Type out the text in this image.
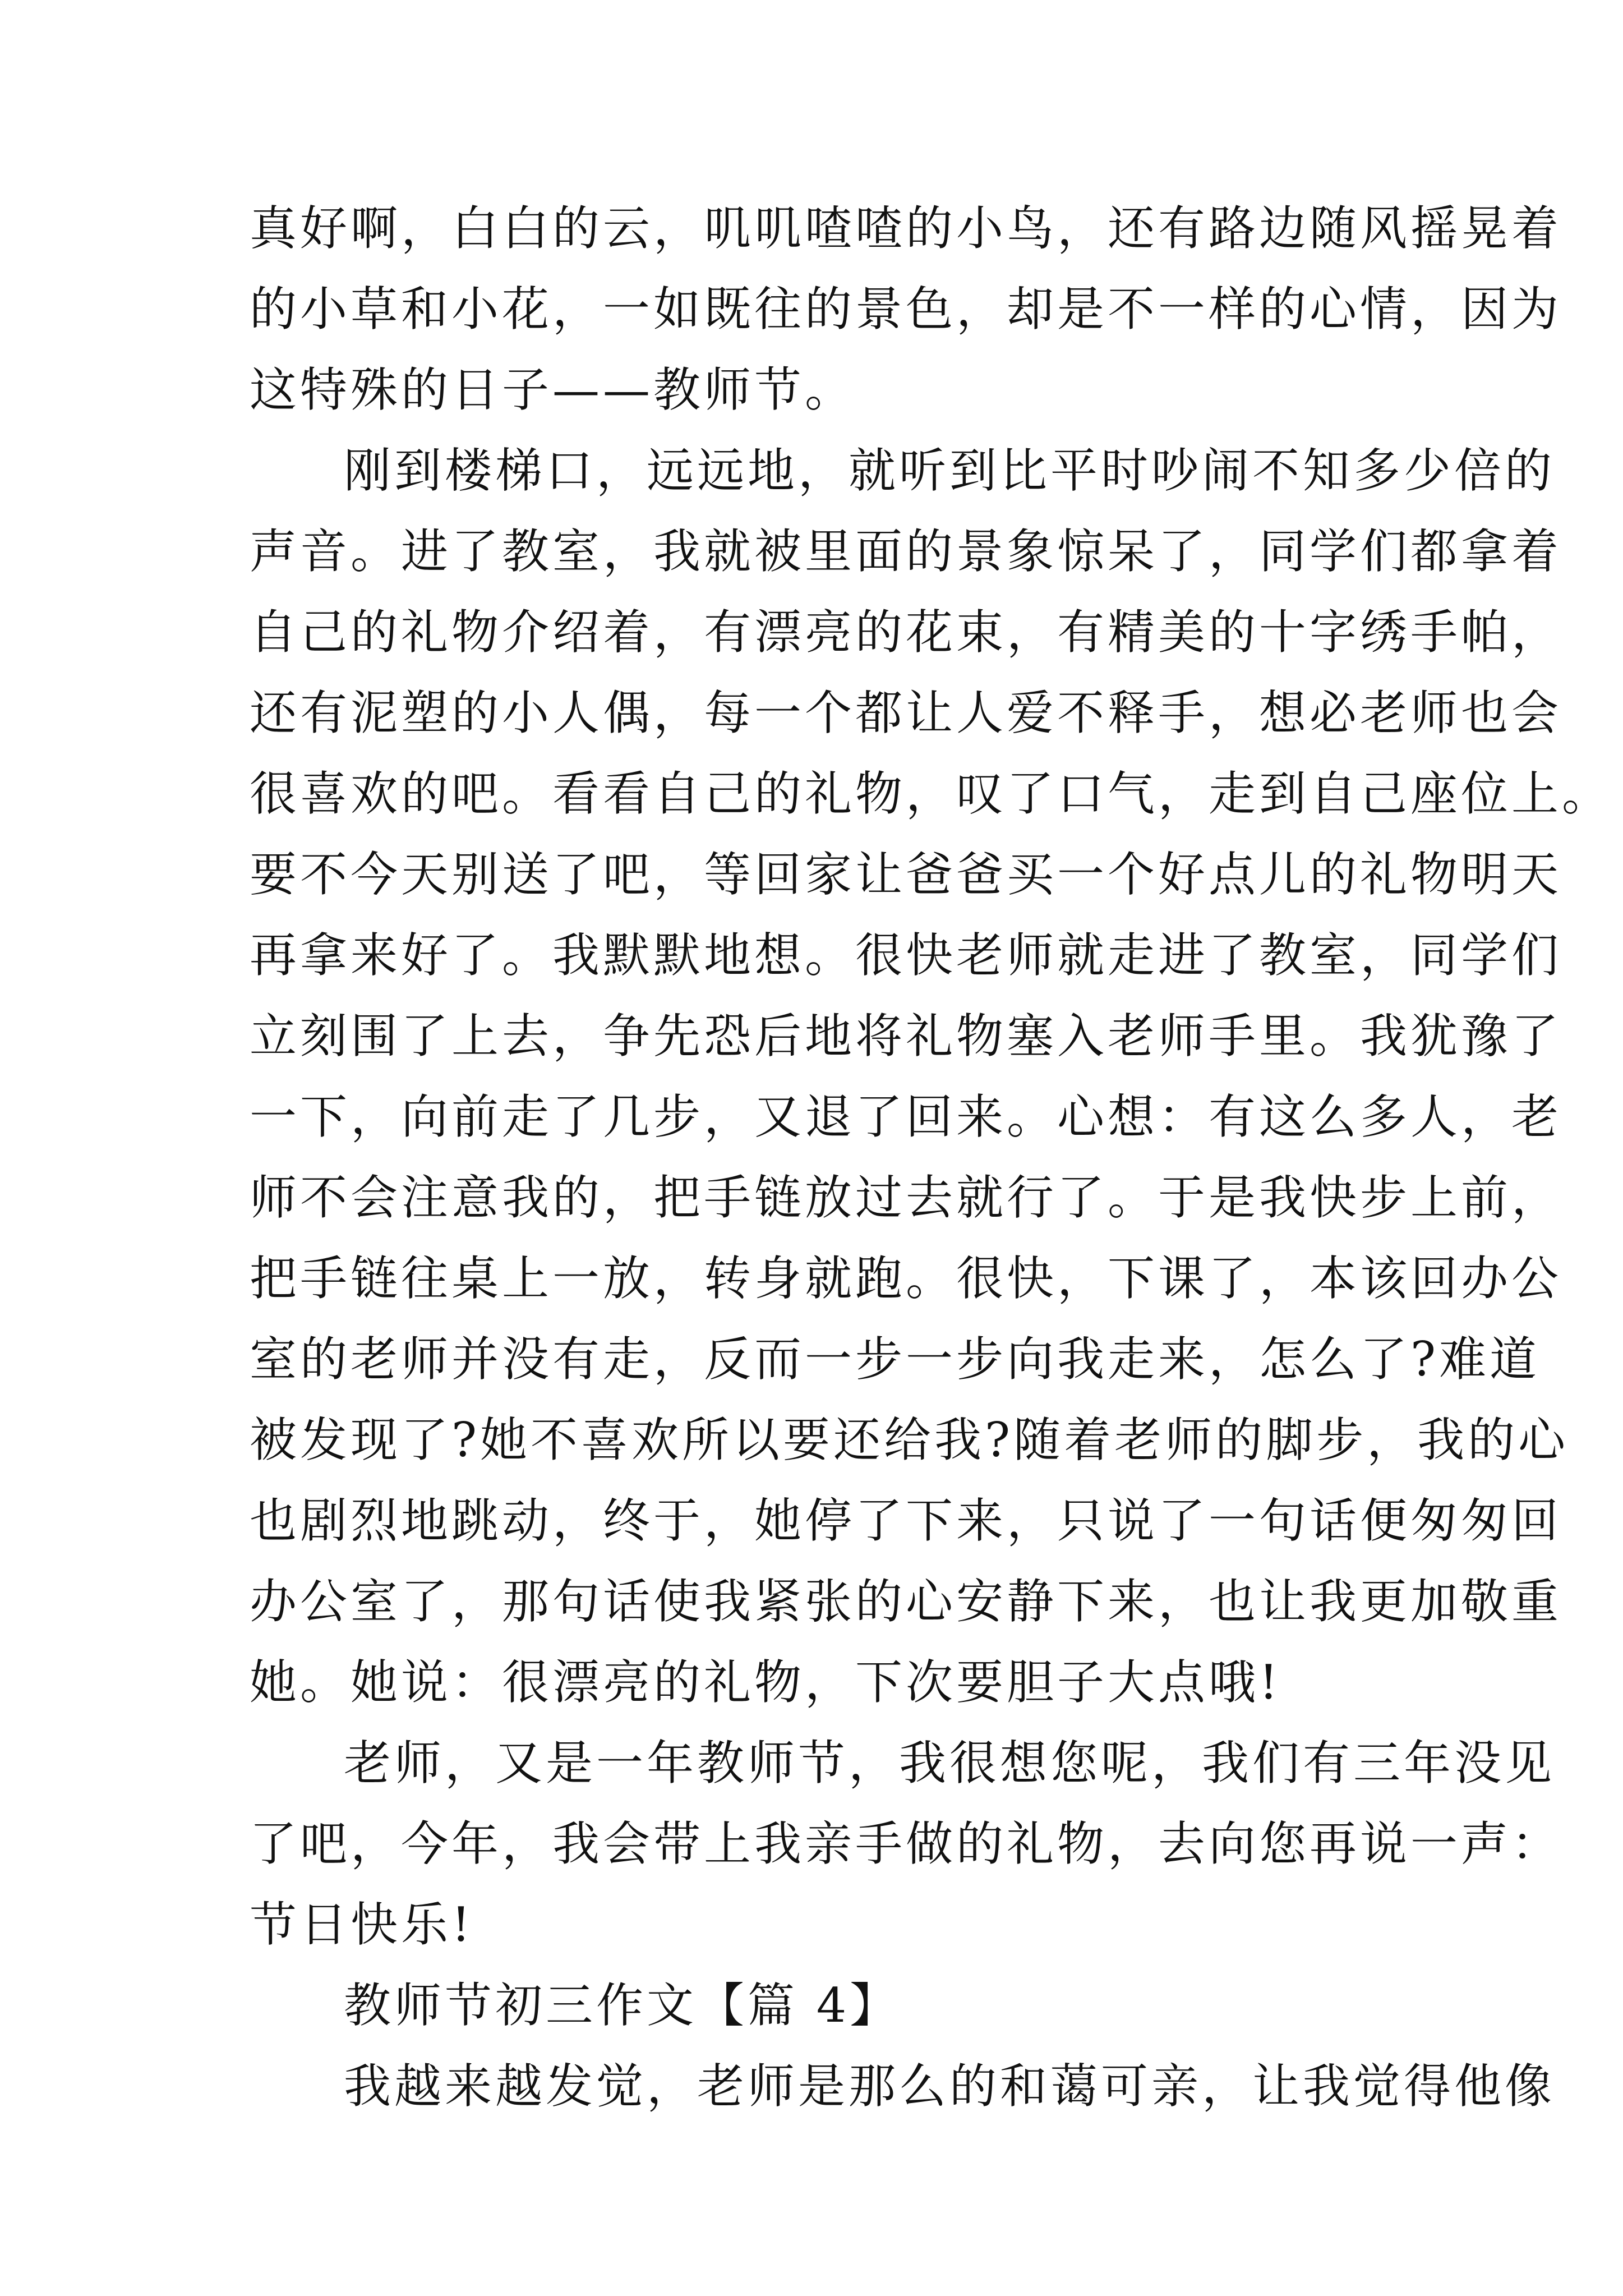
真好啊，白白的云，叽叽喳喳的小鸟，还有路边随风摇晃着
的小草和小花，一如既往的景色，却是不一样的心情，因为
这特殊的日子——教师节。
刚到楼梯口，远远地，就听到比平时吵闹不知多少倍的
声音。进了教室，我就被里面的景象惊呆了，同学们都拿着
自己的礼物介绍着，有漂亮的花束，有精美的十字绣手帕，
还有泥塑的小人偶，每一个都让人爱不释手，想必老师也会
很喜欢的吧。看看自己的礼物，叹了口气，走到自己座位上。
要不今天别送了吧，等回家让爸爸买一个好点儿的礼物明天
再拿来好了。我默默地想。很快老师就走进了教室，同学们
立刻围了上去，争先恐后地将礼物塞入老师手里。我犹豫了
一下，向前走了几步，又退了回来。心想：有这么多人，老
师不会注意我的，把手链放过去就行了。于是我快步上前，
把手链往桌上一放，转身就跑。很快，下课了，本该回办公
室的老师并没有走，反而一步一步向我走来，怎么了?难道
被发现了?她不喜欢所以要还给我?随着老师的脚步，我的心
也剧烈地跳动，终于，她停了下来，只说了一句话便匆匆回
办公室了，那句话使我紧张的心安静下来，也让我更加敬重
她。她说：很漂亮的礼物，下次要胆子大点哦!
老师，又是一年教师节，我很想您呢，我们有三年没见
了吧，今年，我会带上我亲手做的礼物，去向您再说一声：
节日快乐!
教师节初三作文【篇 4】
我越来越发觉，老师是那么的和蔼可亲，让我觉得他像
